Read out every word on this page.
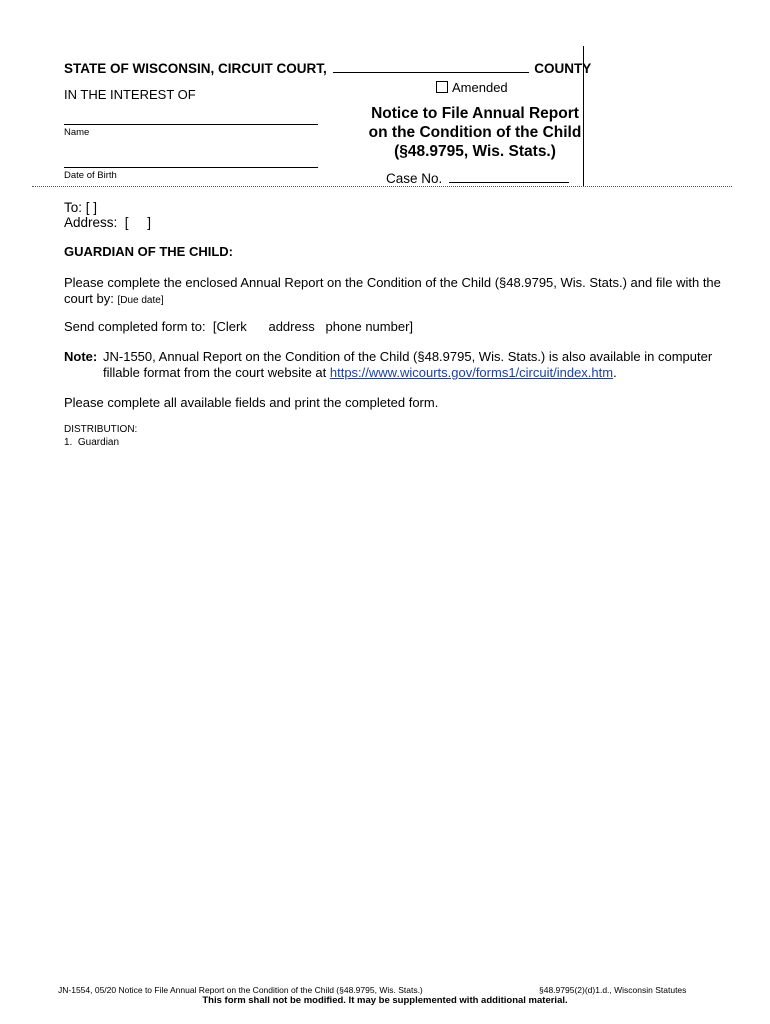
STATE OF WISCONSIN, CIRCUIT COURT,	COUNTY
IN THE INTEREST OF
Name
Date of Birth
Amended
Notice to File Annual Report
on the Condition of the Child
(§48.9795, Wis. Stats.)
Case No.
To: [ ]
Address:  [     ]
GUARDIAN OF THE CHILD:
Please complete the enclosed Annual Report on the Condition of the Child (§48.9795, Wis. Stats.) and file with the
court by: [Due date]
Send completed form to:  [Clerk      address   phone number]
Note: JN-1550, Annual Report on the Condition of the Child (§48.9795, Wis. Stats.) is also available in computer
fillable format from the court website at https://www.wicourts.gov/forms1/circuit/index.htm.
Please complete all available fields and print the completed form.
DISTRIBUTION:
1.  Guardian
JN-1554, 05/20 Notice to File Annual Report on the Condition of the Child (§48.9795, Wis. Stats.)	§48.9795(2)(d)1.d., Wisconsin Statutes
This form shall not be modified. It may be supplemented with additional material.
